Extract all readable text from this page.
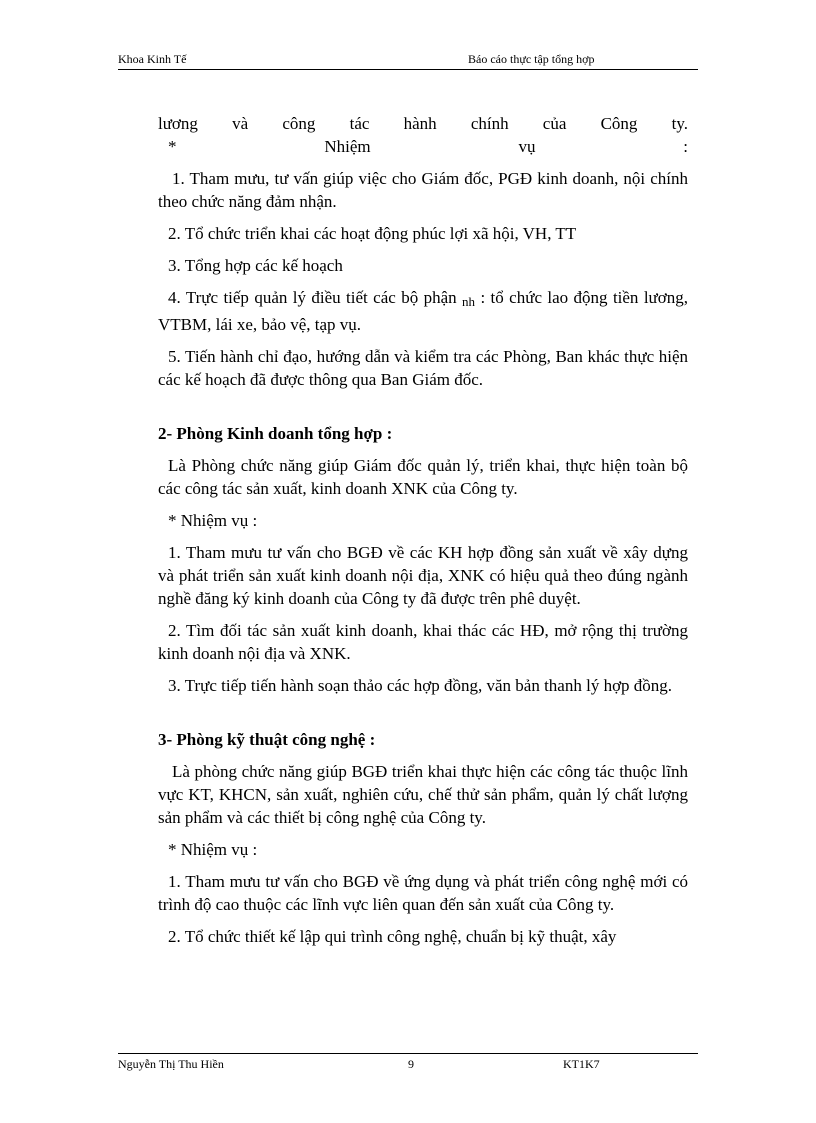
Khoa Kinh Tế	Báo cáo thực tập tổng hợp

lương và công tác hành chính của Công ty.

*	Nhiệm	vụ	:

1. Tham mưu, tư vấn giúp việc cho Giám đốc, PGĐ kinh doanh, nội chính theo chức năng đảm nhận.

2. Tổ chức triển khai các hoạt động phúc lợi xã hội, VH, TT

3. Tổng hợp các kế hoạch

4. Trực tiếp quản lý điều tiết các bộ phận $_{nh}$ : tổ chức lao động tiền lương, VTBM, lái xe, bảo vệ, tạp vụ.

5. Tiến hành chỉ đạo, hướng dẫn và kiểm tra các Phòng, Ban khác thực hiện các kế hoạch đã được thông qua Ban Giám đốc.

2- Phòng Kinh doanh tổng hợp :

Là Phòng chức năng giúp Giám đốc quản lý, triển khai, thực hiện toàn bộ các công tác sản xuất, kinh doanh XNK của Công ty.

* Nhiệm vụ :

1. Tham mưu tư vấn cho BGĐ về các KH hợp đồng sản xuất về xây dựng và phát triển sản xuất kinh doanh nội địa, XNK có hiệu quả theo đúng ngành nghề đăng ký kinh doanh của Công ty đã được trên phê duyệt.

2. Tìm đối tác sản xuất kinh doanh, khai thác các HĐ, mở rộng thị trường kinh doanh nội địa và XNK.

3. Trực tiếp tiến hành soạn thảo các hợp đồng, văn bản thanh lý hợp đồng.

3- Phòng kỹ thuật công nghệ :

Là phòng chức năng giúp BGĐ triển khai thực hiện các công tác thuộc lĩnh vực KT, KHCN, sản xuất, nghiên cứu, chế thử sản phẩm, quản lý chất lượng sản phẩm và các thiết bị công nghệ của Công ty.

* Nhiệm vụ :

1. Tham mưu tư vấn cho BGĐ về ứng dụng và phát triển công nghệ mới có trình độ cao thuộc các lĩnh vực liên quan đến sản xuất của Công ty.

2. Tổ chức thiết kế lập qui trình công nghệ, chuẩn bị kỹ thuật, xây

Nguyễn Thị Thu Hiền	9	KT1K7
